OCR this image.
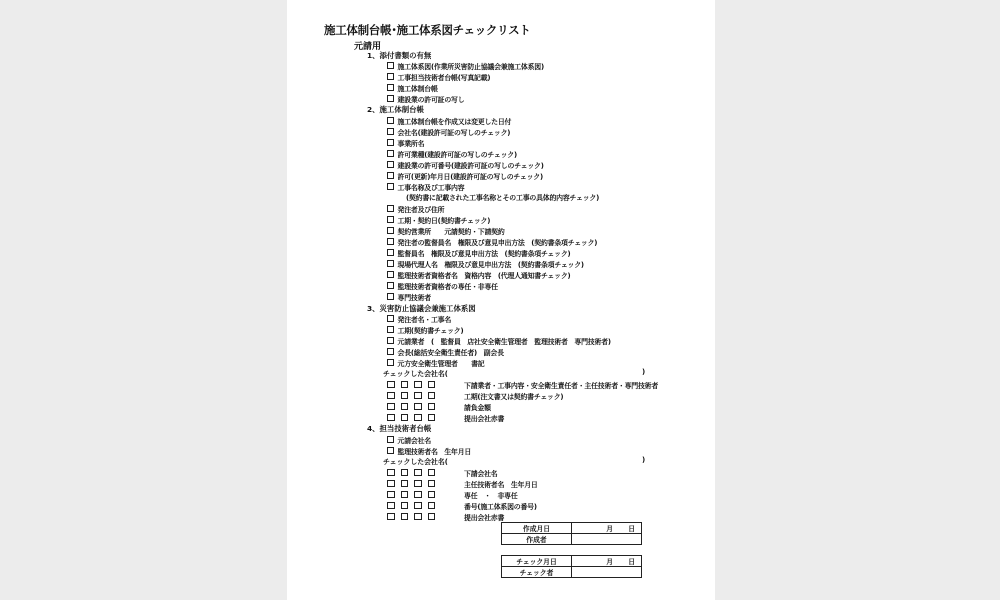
施工体制台帳･施工体系図チェックリスト
元請用
1、添付書類の有無
施工体系図(作業所災害防止協議会兼施工体系図)
工事担当技術者台帳(写真記載)
施工体制台帳
建設業の許可証の写し
2、施工体制台帳
施工体制台帳を作成又は変更した日付
会社名(建設許可証の写しのチェック)
事業所名
許可業種(建設許可証の写しのチェック)
建設業の許可番号(建設許可証の写しのチェック)
許可(更新)年月日(建設許可証の写しのチェック)
工事名称及び工事内容
(契約書に記載された工事名称とその工事の具体的内容チェック)
発注者及び住所
工期・契約日(契約書チェック)
契約営業所　　元請契約・下請契約
発注者の監督員名　権限及び意見申出方法　(契約書条項チェック)
監督員名　権限及び意見申出方法　(契約書条項チェック)
現場代理人名　権限及び意見申出方法　(契約書条項チェック)
監理技術者資格者名　資格内容　(代理人通知書チェック)
監理技術者資格者の専任・非専任
専門技術者
3、災害防止協議会兼施工体系図
発注者名・工事名
工期(契約書チェック)
元請業者　(　監督員　店社安全衛生管理者　監理技術者　専門技術者)
会長(総括安全衛生責任者)　副会長
元方安全衛生管理者　　書記
チェックした会社名(	)
下請業者・工事内容・安全衛生責任者・主任技術者・専門技術者
工期(注文書又は契約書チェック)
請負金額
提出会社赤書
4、担当技術者台帳
元請会社名
監理技術者名　生年月日
チェックした会社名(	)
下請会社名
主任技術者名　生年月日
専任　・　非専任
番号(施工体系図の番号)
提出会社赤書
作成月日	月 日
作成者	
チェック月日	月 日
チェック者	
